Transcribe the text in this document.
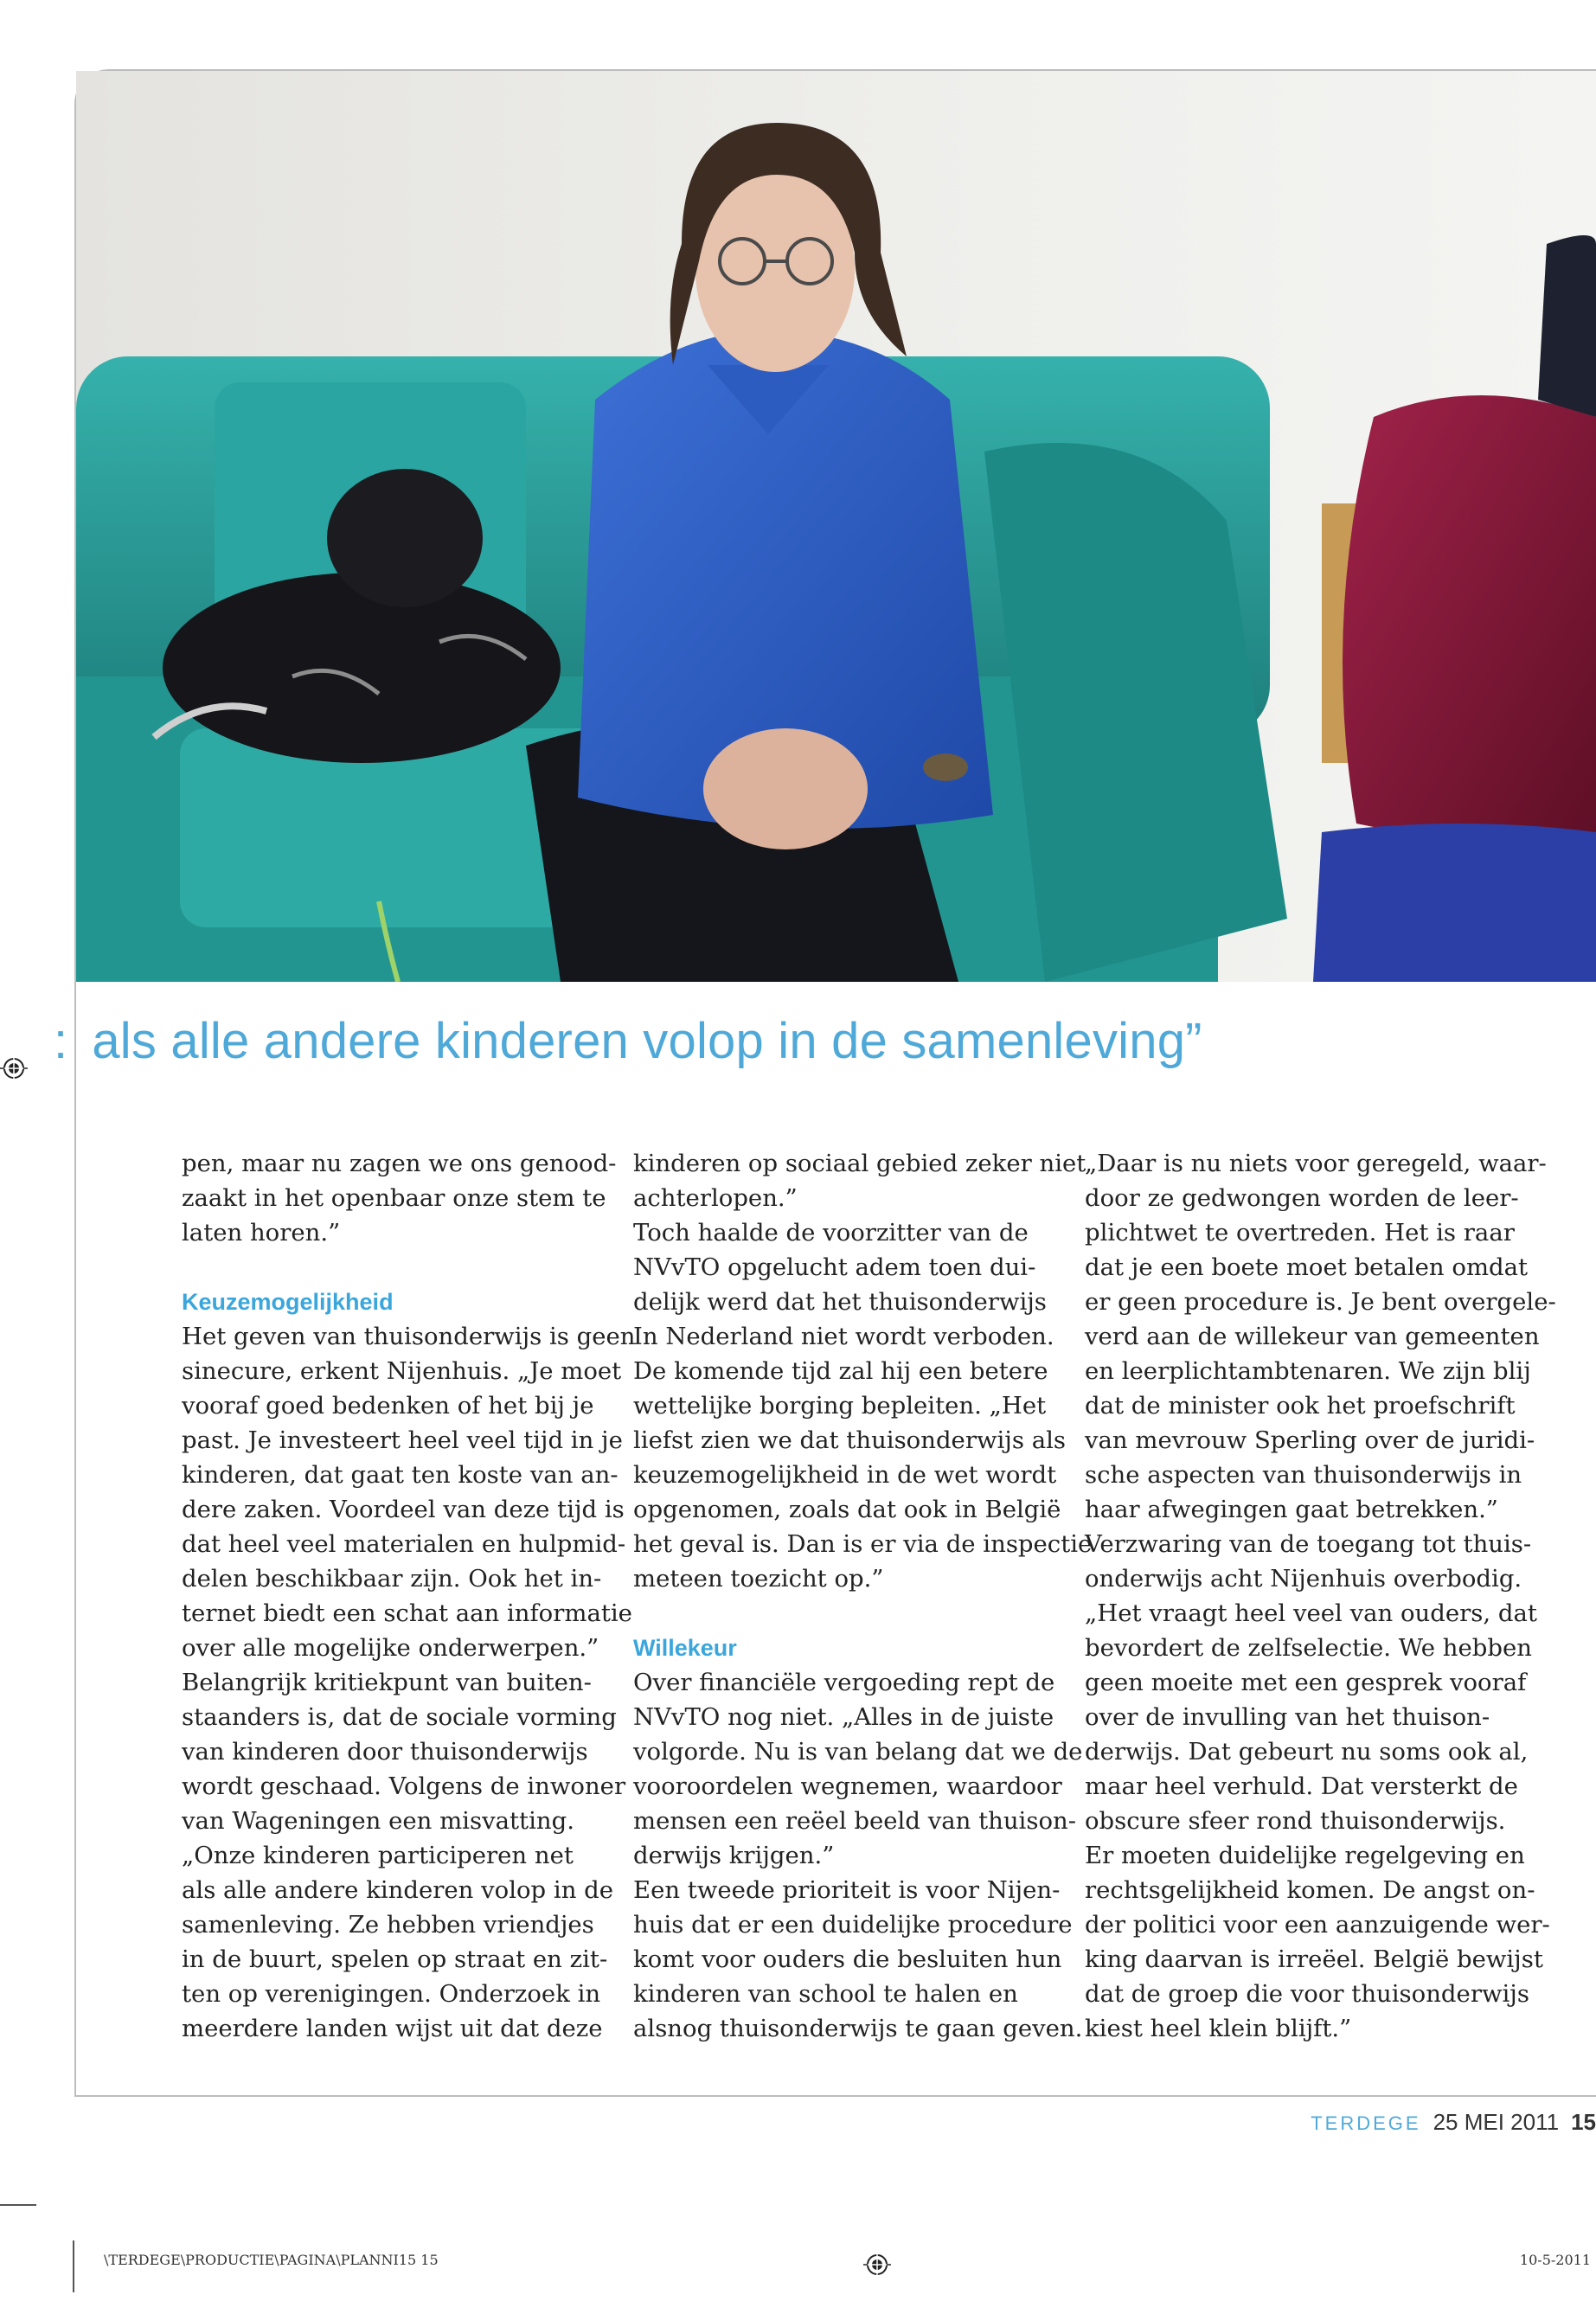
: als alle andere kinderen volop in de samenleving”
pen, maar nu zagen we ons genood-
zaakt in het openbaar onze stem te
laten horen.”
Keuzemogelijkheid
Het geven van thuisonderwijs is geen
sinecure, erkent Nijenhuis. „Je moet
vooraf goed bedenken of het bij je
past. Je investeert heel veel tijd in je
kinderen, dat gaat ten koste van an-
dere zaken. Voordeel van deze tijd is
dat heel veel materialen en hulpmid-
delen beschikbaar zijn. Ook het in-
ternet biedt een schat aan informatie
over alle mogelijke onderwerpen.”
Belangrijk kritiekpunt van buiten-
staanders is, dat de sociale vorming
van kinderen door thuisonderwijs
wordt geschaad. Volgens de inwoner
van Wageningen een misvatting.
„Onze kinderen participeren net
als alle andere kinderen volop in de
samenleving. Ze hebben vriendjes
in de buurt, spelen op straat en zit-
ten op verenigingen. Onderzoek in
meerdere landen wijst uit dat deze
kinderen op sociaal gebied zeker niet
achterlopen.”
Toch haalde de voorzitter van de
NVvTO opgelucht adem toen dui-
delijk werd dat het thuisonderwijs
In Nederland niet wordt verboden.
De komende tijd zal hij een betere
wettelijke borging bepleiten. „Het
liefst zien we dat thuisonderwijs als
keuzemogelijkheid in de wet wordt
opgenomen, zoals dat ook in België
het geval is. Dan is er via de inspectie
meteen toezicht op.”
Willekeur
Over financiële vergoeding rept de
NVvTO nog niet. „Alles in de juiste
volgorde. Nu is van belang dat we de
vooroordelen wegnemen, waardoor
mensen een reëel beeld van thuison-
derwijs krijgen.”
Een tweede prioriteit is voor Nijen-
huis dat er een duidelijke procedure
komt voor ouders die besluiten hun
kinderen van school te halen en
alsnog thuisonderwijs te gaan geven.
„Daar is nu niets voor geregeld, waar-
door ze gedwongen worden de leer-
plichtwet te overtreden. Het is raar
dat je een boete moet betalen omdat
er geen procedure is. Je bent overgele-
verd aan de willekeur van gemeenten
en leerplichtambtenaren. We zijn blij
dat de minister ook het proefschrift
van mevrouw Sperling over de juridi-
sche aspecten van thuisonderwijs in
haar afwegingen gaat betrekken.”
Verzwaring van de toegang tot thuis-
onderwijs acht Nijenhuis overbodig.
„Het vraagt heel veel van ouders, dat
bevordert de zelfselectie. We hebben
geen moeite met een gesprek vooraf
over de invulling van het thuison-
derwijs. Dat gebeurt nu soms ook al,
maar heel verhuld. Dat versterkt de
obscure sfeer rond thuisonderwijs.
Er moeten duidelijke regelgeving en
rechtsgelijkheid komen. De angst on-
der politici voor een aanzuigende wer-
king daarvan is irreëel. België bewijst
dat de groep die voor thuisonderwijs
kiest heel klein blijft.”
TERDEGE 25 MEI 2011 15
\TERDEGE\PRODUCTIE\PAGINA\PLANNI15 15	10-5-2011
